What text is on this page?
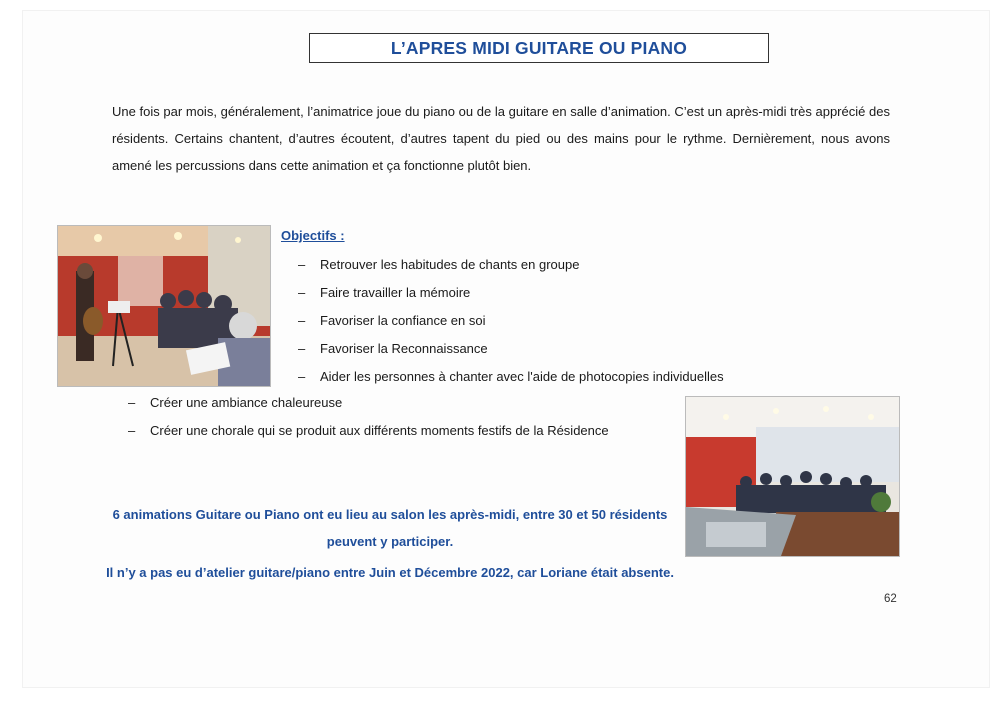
L’APRES MIDI GUITARE OU PIANO
Une fois par mois, généralement, l’animatrice joue du piano ou de la guitare en salle d’animation. C’est un après-midi très apprécié des résidents. Certains chantent, d’autres écoutent, d’autres tapent du pied ou des mains pour le rythme. Dernièrement, nous avons amené les percussions dans cette animation et ça fonctionne plutôt bien.
Objectifs :
–	Retrouver les habitudes de chants en groupe
–	Faire travailler la mémoire
–	Favoriser la confiance en soi
–	Favoriser la Reconnaissance
–	Aider les personnes à chanter avec l'aide de photocopies individuelles
–	Créer une ambiance chaleureuse
–	Créer une chorale qui se produit aux différents moments festifs de la Résidence
6 animations Guitare ou Piano ont eu lieu au salon les après-midi, entre 30 et 50 résidents
peuvent y participer.
Il n’y a pas eu d’atelier guitare/piano entre Juin et Décembre 2022, car Loriane était absente.
62
